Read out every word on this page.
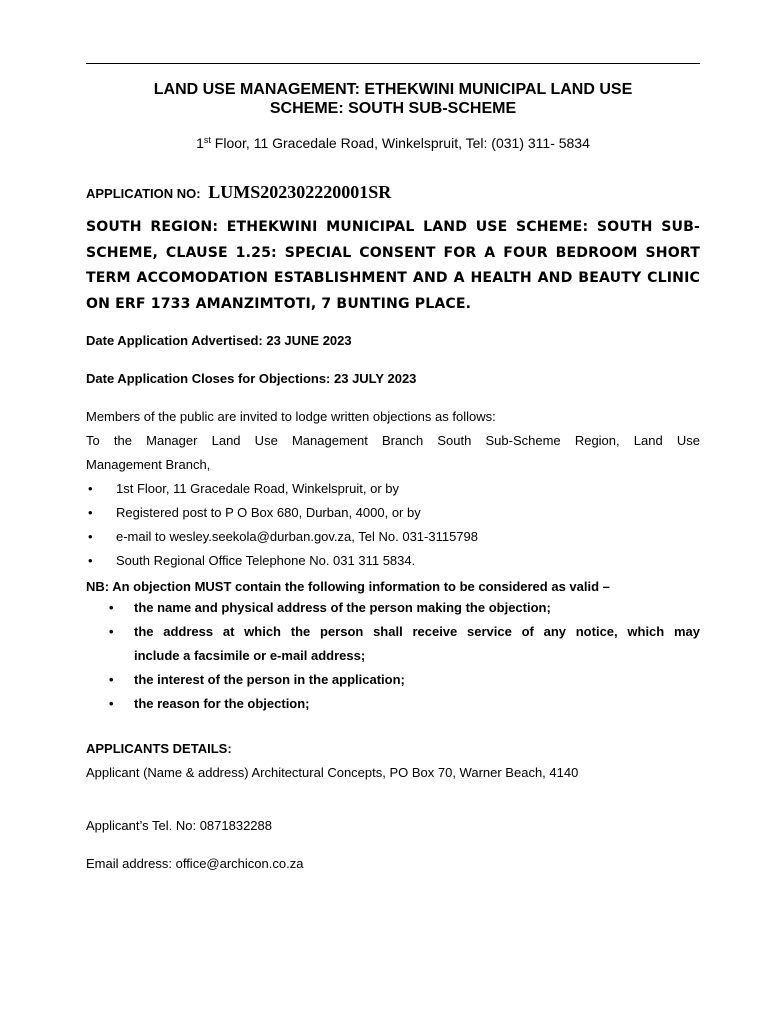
LAND USE MANAGEMENT: ETHEKWINI MUNICIPAL LAND USE
SCHEME: SOUTH SUB-SCHEME
1st Floor, 11 Gracedale Road, Winkelspruit, Tel: (031) 311- 5834
APPLICATION NO: LUMS202302220001SR
SOUTH REGION: ETHEKWINI MUNICIPAL LAND USE SCHEME: SOUTH SUB-SCHEME, CLAUSE 1.25: SPECIAL CONSENT FOR A FOUR BEDROOM SHORT TERM ACCOMODATION ESTABLISHMENT AND A HEALTH AND BEAUTY CLINIC ON ERF 1733 AMANZIMTOTI, 7 BUNTING PLACE.
Date Application Advertised: 23 JUNE 2023
Date Application Closes for Objections: 23 JULY 2023
Members of the public are invited to lodge written objections as follows:
To the Manager Land Use Management Branch South Sub-Scheme Region, Land Use
Management Branch,
• 1st Floor, 11 Gracedale Road, Winkelspruit, or by
• Registered post to P O Box 680, Durban, 4000, or by
• e-mail to wesley.seekola@durban.gov.za, Tel No. 031-3115798
• South Regional Office Telephone No. 031 311 5834.
NB: An objection MUST contain the following information to be considered as valid –
• the name and physical address of the person making the objection;
• the address at which the person shall receive service of any notice, which may
include a facsimile or e-mail address;
• the interest of the person in the application;
• the reason for the objection;
APPLICANTS DETAILS:
Applicant (Name & address) Architectural Concepts, PO Box 70, Warner Beach, 4140
Applicant’s Tel. No: 0871832288
Email address: office@archicon.co.za
